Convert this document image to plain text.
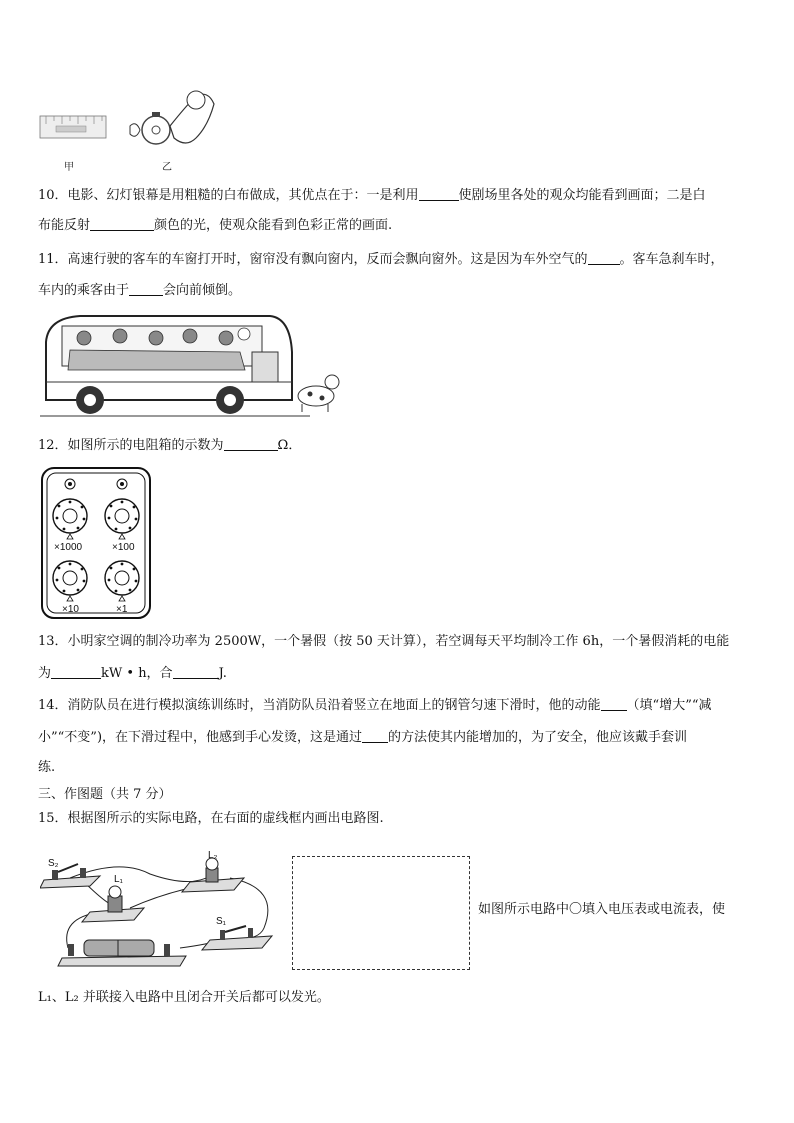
甲	乙
10．电影、幻灯银幕是用粗糙的白布做成，其优点在于：一是利用	使剧场里各处的观众均能看到画面；二是白
布能反射	颜色的光，使观众能看到色彩正常的画面.
11．高速行驶的客车的车窗打开时，窗帘没有飘向窗内，反而会飘向窗外。这是因为车外空气的 。客车急刹车时，
车内的乘客由于	会向前倾倒。
12．如图所示的电阻箱的示数为	Ω．
×1000	×100
×10	×1
13．小明家空调的制冷功率为 2500W，一个暑假（按 50 天计算），若空调每天平均制冷工作 6h，一个暑假消耗的电能
为	kW • h，合	J.
14．消防队员在进行模拟演练训练时，当消防队员沿着竖立在地面上的钢管匀速下滑时，他的动能 （填“增大”“减
小”“不变”)，在下滑过程中，他感到手心发烫，这是通过 的方法使其内能增加的，为了安全，他应该戴手套训
练.
三、作图题（共 7 分）
15．根据图所示的实际电路，在右面的虚线框内画出电路图.
S₂
L₁
L₂
S₁
如图所示电路中〇填入电压表或电流表，使
L₁、L₂ 并联接入电路中且闭合开关后都可以发光。
